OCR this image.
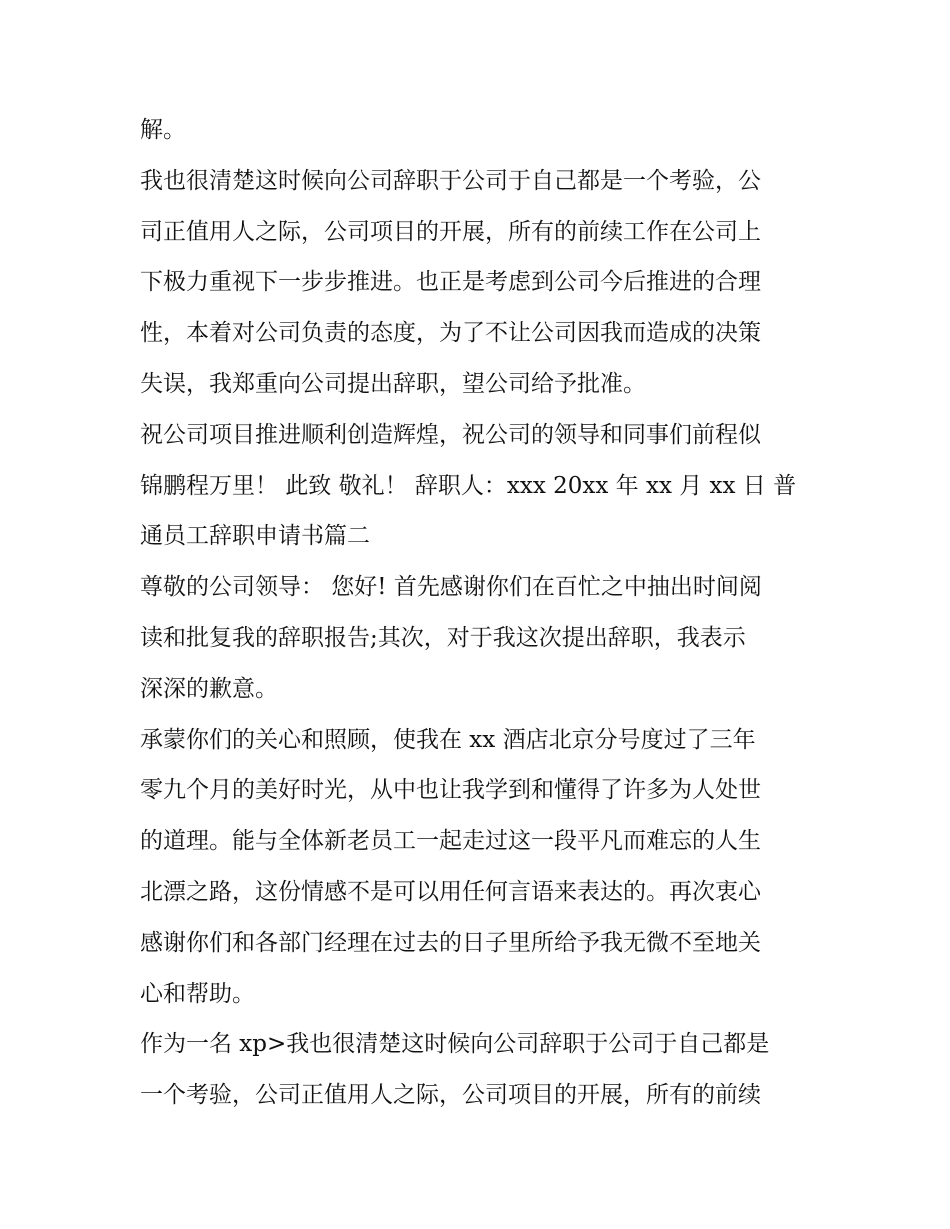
解。
我也很清楚这时候向公司辞职于公司于自己都是一个考验，公
司正值用人之际，公司项目的开展，所有的前续工作在公司上
下极力重视下一步步推进。也正是考虑到公司今后推进的合理
性，本着对公司负责的态度，为了不让公司因我而造成的决策
失误，我郑重向公司提出辞职，望公司给予批准。
祝公司项目推进顺利创造辉煌，祝公司的领导和同事们前程似
锦鹏程万里！ 此致 敬礼！ 辞职人：xxx 20xx 年 xx 月 xx 日 普
通员工辞职申请书篇二
尊敬的公司领导： 您好! 首先感谢你们在百忙之中抽出时间阅
读和批复我的辞职报告;其次，对于我这次提出辞职，我表示
深深的歉意。
承蒙你们的关心和照顾，使我在 xx 酒店北京分号度过了三年
零九个月的美好时光，从中也让我学到和懂得了许多为人处世
的道理。能与全体新老员工一起走过这一段平凡而难忘的人生
北漂之路，这份情感不是可以用任何言语来表达的。再次衷心
感谢你们和各部门经理在过去的日子里所给予我无微不至地关
心和帮助。
作为一名 xp>我也很清楚这时候向公司辞职于公司于自己都是
一个考验，公司正值用人之际，公司项目的开展，所有的前续
